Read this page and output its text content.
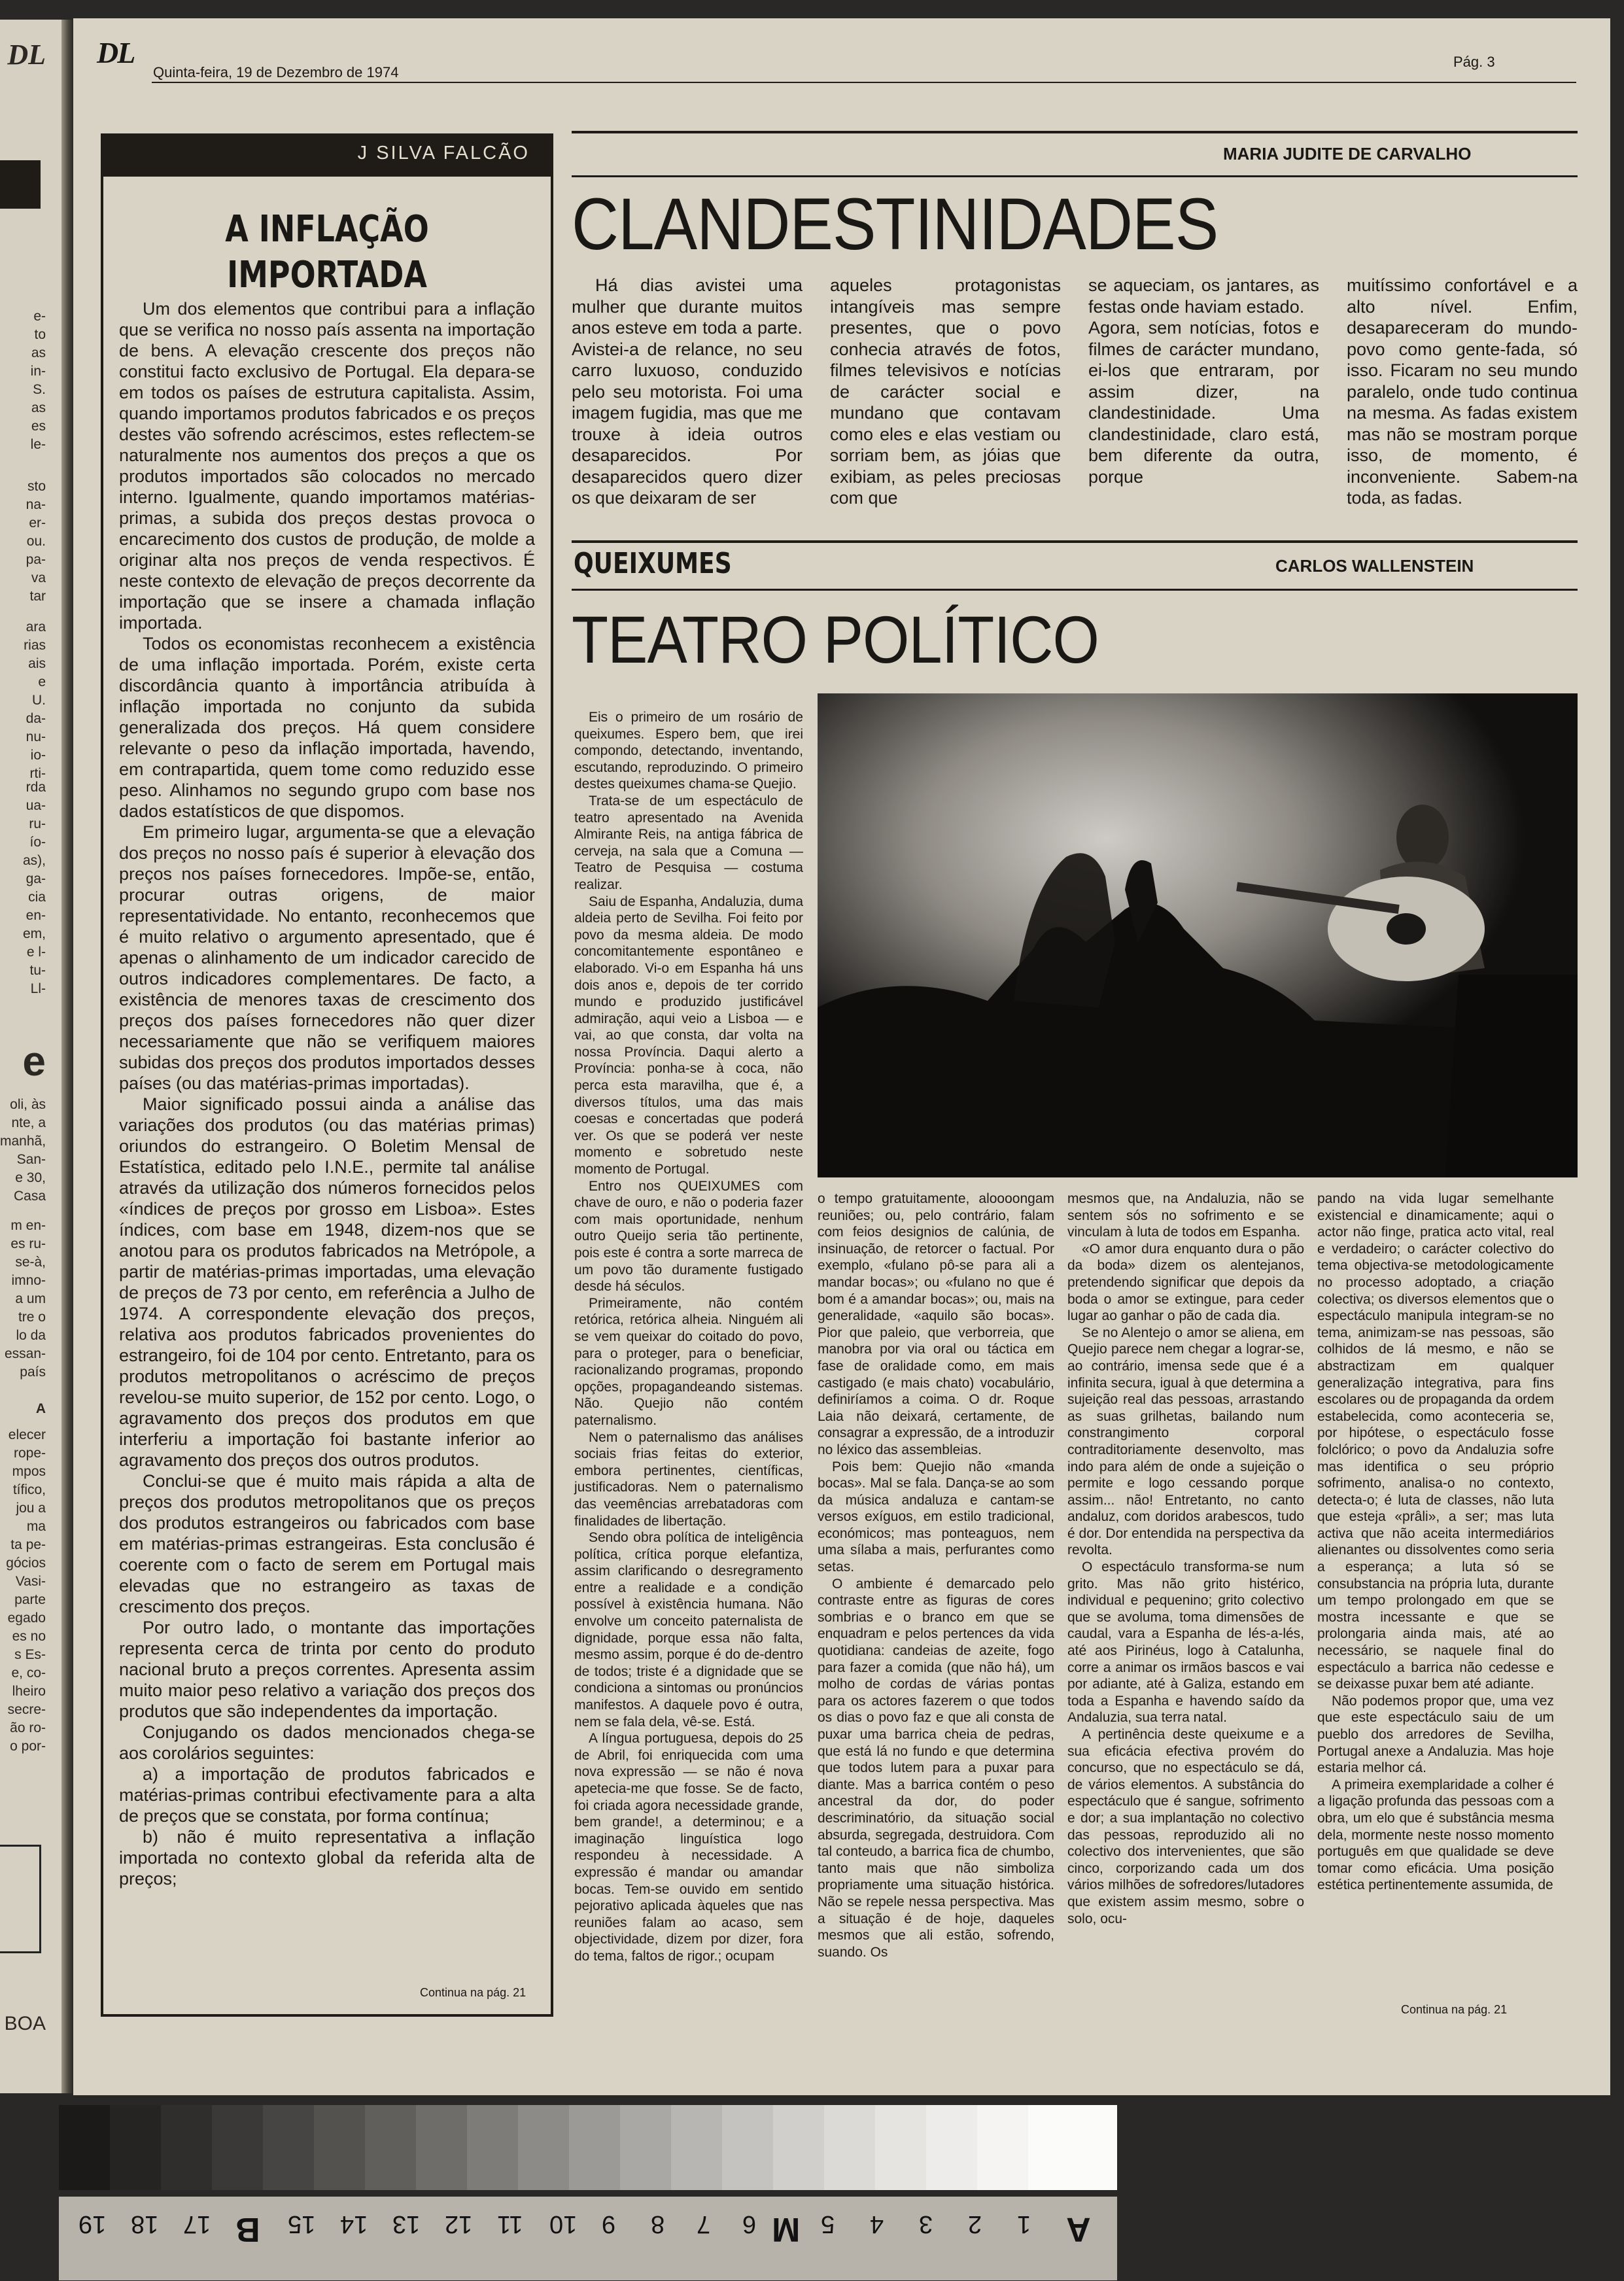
DL
e-
to
as
in-
S.
as
es
le-
sto
na-
er-
ou.
pa-
va
tar
ara
rias
ais
e
U.
da-
nu-
io-
rti-
rda
ua-
ru-
ío-
as),
ga-
cia
en-
em,
e l-
tu-
Ll-
e
oli, às
nte, a
manhã,
San-
e 30,
Casa
m en-
es ru-
se-à,
imno-
a um
tre o
lo da
essan-
país
A
elecer
rope-
mpos
tífico,
jou a
ma
ta pe-
gócios
Vasi-
parte
egado
es no
s Es-
e, co-
lheiro
secre-
ão ro-
o por-
BOA
DL
Quinta-feira, 19 de Dezembro de 1974
Pág. 3
J SILVA FALCÃO
A INFLAÇÃO
IMPORTADA

Um dos elementos que contribui para a inflação que se verifica no nosso país assenta na importação de bens. A elevação crescente dos preços não constitui facto exclusivo de Portugal. Ela depara-se em todos os países de estrutura capitalista. Assim, quando importamos produtos fabricados e os preços destes vão sofrendo acréscimos, estes reflectem-se naturalmente nos aumentos dos preços a que os produtos importados são colocados no mercado interno. Igualmente, quando importamos matérias-primas, a subida dos preços destas provoca o encarecimento dos custos de produção, de molde a originar alta nos preços de venda respectivos. É neste contexto de elevação de preços decorrente da importação que se insere a chamada inflação importada.

Todos os economistas reconhecem a existência de uma inflação importada. Porém, existe certa discordância quanto à importância atribuída à inflação importada no conjunto da subida generalizada dos preços. Há quem considere relevante o peso da inflação importada, havendo, em contrapartida, quem tome como reduzido esse peso. Alinhamos no segundo grupo com base nos dados estatísticos de que dispomos.

Em primeiro lugar, argumenta-se que a elevação dos preços no nosso país é superior à elevação dos preços nos países fornecedores. Impõe-se, então, procurar outras origens, de maior representatividade. No entanto, reconhecemos que é muito relativo o argumento apresentado, que é apenas o alinhamento de um indicador carecido de outros indicadores complementares. De facto, a existência de menores taxas de crescimento dos preços dos países fornecedores não quer dizer necessariamente que não se verifiquem maiores subidas dos preços dos produtos importados desses países (ou das matérias-primas importadas).

Maior significado possui ainda a análise das variações dos produtos (ou das matérias primas) oriundos do estrangeiro. O Boletim Mensal de Estatística, editado pelo I.N.E., permite tal análise através da utilização dos números fornecidos pelos «índices de preços por grosso em Lisboa». Estes índices, com base em 1948, dizem-nos que se anotou para os produtos fabricados na Metrópole, a partir de matérias-primas importadas, uma elevação de preços de 73 por cento, em referência a Julho de 1974. A correspondente elevação dos preços, relativa aos produtos fabricados provenientes do estrangeiro, foi de 104 por cento. Entretanto, para os produtos metropolitanos o acréscimo de preços revelou-se muito superior, de 152 por cento. Logo, o agravamento dos preços dos produtos em que interferiu a importação foi bastante inferior ao agravamento dos preços dos outros produtos.

Conclui-se que é muito mais rápida a alta de preços dos produtos metropolitanos que os preços dos produtos estrangeiros ou fabricados com base em matérias-primas estrangeiras. Esta conclusão é coerente com o facto de serem em Portugal mais elevadas que no estrangeiro as taxas de crescimento dos preços.

Por outro lado, o montante das importações representa cerca de trinta por cento do produto nacional bruto a preços correntes. Apresenta assim muito maior peso relativo a variação dos preços dos produtos que são independentes da importação.

Conjugando os dados mencionados chega-se aos corolários seguintes:

a) a importação de produtos fabricados e matérias-primas contribui efectivamente para a alta de preços que se constata, por forma contínua;

b) não é muito representativa a inflação importada no contexto global da referida alta de preços;

Continua na pág. 21
MARIA JUDITE DE CARVALHO
CLANDESTINIDADES
Há dias avistei uma mulher que durante muitos anos esteve em toda a parte. Avistei-a de relance, no seu carro luxuoso, conduzido pelo seu motorista. Foi uma imagem fugidia, mas que me trouxe à ideia outros desaparecidos. Por desaparecidos quero dizer os que deixaram de ser
aqueles protagonistas intangíveis mas sempre presentes, que o povo conhecia através de fotos, filmes televisivos e notícias de carácter social e mundano que contavam como eles e elas vestiam ou sorriam bem, as jóias que exibiam, as peles preciosas com que
se aqueciam, os jantares, as festas onde haviam estado.
Agora, sem notícias, fotos e filmes de carácter mundano, ei-los que entraram, por assim dizer, na clandestinidade. Uma clandestinidade, claro está, bem diferente da outra, porque
muitíssimo confortável e a alto nível. Enfim, desapareceram do mundo-povo como gente-fada, só isso. Ficaram no seu mundo paralelo, onde tudo continua na mesma. As fadas existem mas não se mostram porque isso, de momento, é inconveniente. Sabem-na toda, as fadas.
QUEIXUMES	CARLOS WALLENSTEIN
TEATRO POLÍTICO

Eis o primeiro de um rosário de queixumes. Espero bem, que irei compondo, detectando, inventando, escutando, reproduzindo. O primeiro destes queixumes chama-se Quejio.

Trata-se de um espectáculo de teatro apresentado na Avenida Almirante Reis, na antiga fábrica de cerveja, na sala que a Comuna — Teatro de Pesquisa — costuma realizar.

Saiu de Espanha, Andaluzia, duma aldeia perto de Sevilha. Foi feito por povo da mesma aldeia. De modo concomitantemente espontâneo e elaborado. Vi-o em Espanha há uns dois anos e, depois de ter corrido mundo e produzido justificável admiração, aqui veio a Lisboa — e vai, ao que consta, dar volta na nossa Província. Daqui alerto a Província: ponha-se à coca, não perca esta maravilha, que é, a diversos títulos, uma das mais coesas e concertadas que poderá ver. Os que se poderá ver neste momento e sobretudo neste momento de Portugal.

Entro nos QUEIXUMES com chave de ouro, e não o poderia fazer com mais oportunidade, nenhum outro Queijo seria tão pertinente, pois este é contra a sorte marreca de um povo tão duramente fustigado desde há séculos.

Primeiramente, não contém retórica, retórica alheia. Ninguém ali se vem queixar do coitado do povo, para o proteger, para o beneficiar, racionalizando programas, propondo opções, propagandeando sistemas. Não. Quejio não contém paternalismo.

Nem o paternalismo das análises sociais frias feitas do exterior, embora pertinentes, científicas, justificadoras. Nem o paternalismo das veemências arrebatadoras com finalidades de libertação.

Sendo obra política de inteligência política, crítica porque elefantiza, assim clarificando o desregramento entre a realidade e a condição possível à existência humana. Não envolve um conceito paternalista de dignidade, porque essa não falta, mesmo assim, porque é do de-dentro de todos; triste é a dignidade que se condiciona a sintomas ou pronúncios manifestos. A daquele povo é outra, nem se fala dela, vê-se. Está.

A língua portuguesa, depois do 25 de Abril, foi enriquecida com uma nova expressão — se não é nova apetecia-me que fosse. Se de facto, foi criada agora necessidade grande, bem grande!, a determinou; e a imaginação linguística logo respondeu à necessidade. A expressão é mandar ou amandar bocas. Tem-se ouvido em sentido pejorativo aplicada àqueles que nas reuniões falam ao acaso, sem objectividade, dizem por dizer, fora do tema, faltos de rigor.; ocupam

o tempo gratuitamente, aloooongam reuniões; ou, pelo contrário, falam com feios designios de calúnia, de insinuação, de retorcer o factual. Por exemplo, «fulano pô-se para ali a mandar bocas»; ou «fulano no que é bom é a amandar bocas»; ou, mais na generalidade, «aquilo são bocas». Pior que paleio, que verborreia, que manobra por via oral ou táctica em fase de oralidade como, em mais castigado (e mais chato) vocabulário, definiríamos a coima. O dr. Roque Laia não deixará, certamente, de consagrar a expressão, de a introduzir no léxico das assembleias.

Pois bem: Quejio não «manda bocas». Mal se fala. Dança-se ao som da música andaluza e cantam-se versos exíguos, em estilo tradicional, económicos; mas ponteaguos, nem uma sílaba a mais, perfurantes como setas.

O ambiente é demarcado pelo contraste entre as figuras de cores sombrias e o branco em que se enquadram e pelos pertences da vida quotidiana: candeias de azeite, fogo para fazer a comida (que não há), um molho de cordas de várias pontas para os actores fazerem o que todos os dias o povo faz e que ali consta de puxar uma barrica cheia de pedras, que está lá no fundo e que determina que todos lutem para a puxar para diante. Mas a barrica contém o peso ancestral da dor, do poder descriminatório, da situação social absurda, segregada, destruidora. Com tal conteudo, a barrica fica de chumbo, tanto mais que não simboliza propriamente uma situação histórica. Não se repele nessa perspectiva. Mas a situação é de hoje, daqueles mesmos que ali estão, sofrendo, suando. Os

mesmos que, na Andaluzia, não se sentem sós no sofrimento e se vinculam à luta de todos em Espanha.

«O amor dura enquanto dura o pão da boda» dizem os alentejanos, pretendendo significar que depois da boda o amor se extingue, para ceder lugar ao ganhar o pão de cada dia.

Se no Alentejo o amor se aliena, em Quejio parece nem chegar a lograr-se, ao contrário, imensa sede que é a infinita secura, igual à que determina a sujeição real das pessoas, arrastando as suas grilhetas, bailando num constrangimento corporal contraditoriamente desenvolto, mas indo para além de onde a sujeição o permite e logo cessando porque assim... não! Entretanto, no canto andaluz, com doridos arabescos, tudo é dor. Dor entendida na perspectiva da revolta.

O espectáculo transforma-se num grito. Mas não grito histérico, individual e pequenino; grito colectivo que se avoluma, toma dimensões de caudal, vara a Espanha de lés-a-lés, até aos Pirinéus, logo à Catalunha, corre a animar os irmãos bascos e vai por adiante, até à Galiza, estando em toda a Espanha e havendo saído da Andaluzia, sua terra natal.

A pertinência deste queixume e a sua eficácia efectiva provém do concurso, que no espectáculo se dá, de vários elementos. A substância do espectáculo que é sangue, sofrimento e dor; a sua implantação no colectivo das pessoas, reproduzido ali no colectivo dos intervenientes, que são cinco, corporizando cada um dos vários milhões de sofredores/lutadores que existem assim mesmo, sobre o solo, ocu-

pando na vida lugar semelhante existencial e dinamicamente; aqui o actor não finge, pratica acto vital, real e verdadeiro; o carácter colectivo do tema objectiva-se metodologicamente no processo adoptado, a criação colectiva; os diversos elementos que o espectáculo manipula integram-se no tema, animizam-se nas pessoas, são colhidos de lá mesmo, e não se abstractizam em qualquer generalização integrativa, para fins escolares ou de propaganda da ordem estabelecida, como aconteceria se, por hipótese, o espectáculo fosse folclórico; o povo da Andaluzia sofre mas identifica o seu próprio sofrimento, analisa-o no contexto, detecta-o; é luta de classes, não luta que esteja «prâli», a ser; mas luta activa que não aceita intermediários alienantes ou dissolventes como seria a esperança; a luta só se consubstancia na própria luta, durante um tempo prolongado em que se mostra incessante e que se prolongaria ainda mais, até ao necessário, se naquele final do espectáculo a barrica não cedesse e se deixasse puxar bem até adiante.

Não podemos propor que, uma vez que este espectáculo saiu de um pueblo dos arredores de Sevilha, Portugal anexe a Andaluzia. Mas hoje estaria melhor cá.

A primeira exemplaridade a colher é a ligação profunda das pessoas com a obra, um elo que é substância mesma dela, mormente neste nosso momento português em que qualidade se deve tomar como eficácia. Uma posição estética pertinentemente assumida, de

Continua na pág. 21
19 18 17 B 15 14 13 12 11 10 9 8 7 6 M 5 4 3 2 1 A
